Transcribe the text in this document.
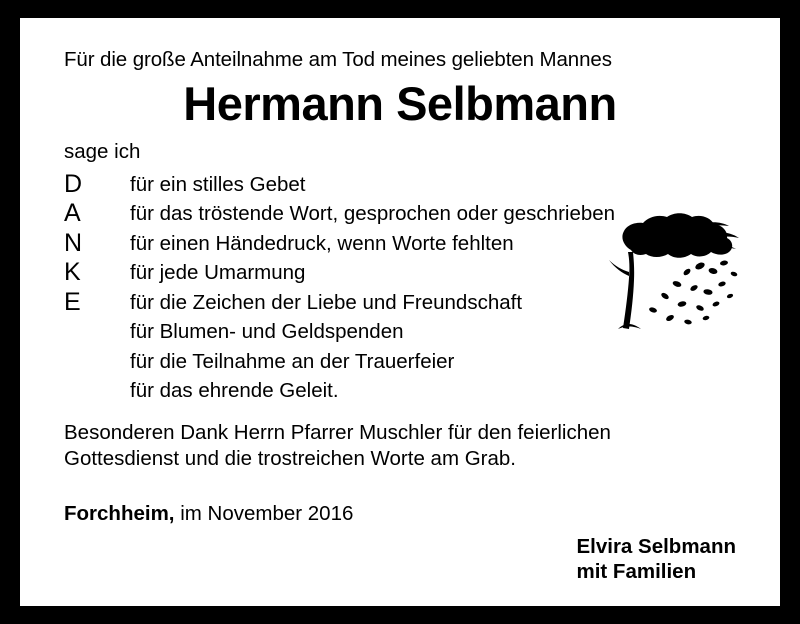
Für die große Anteilnahme am Tod meines geliebten Mannes

Hermann Selbmann

sage ich

D
A
N
K
E
für ein stilles Gebet
für das tröstende Wort, gesprochen oder geschrieben
für einen Händedruck, wenn Worte fehlten
für jede Umarmung
für die Zeichen der Liebe und Freundschaft
für Blumen- und Geldspenden
für die Teilnahme an der Trauerfeier
für das ehrende Geleit.
Besonderen Dank Herrn Pfarrer Muschler für den feierlichen
Gottesdienst und die trostreichen Worte am Grab.
Forchheim, im November 2016
Elvira Selbmann
mit Familien
